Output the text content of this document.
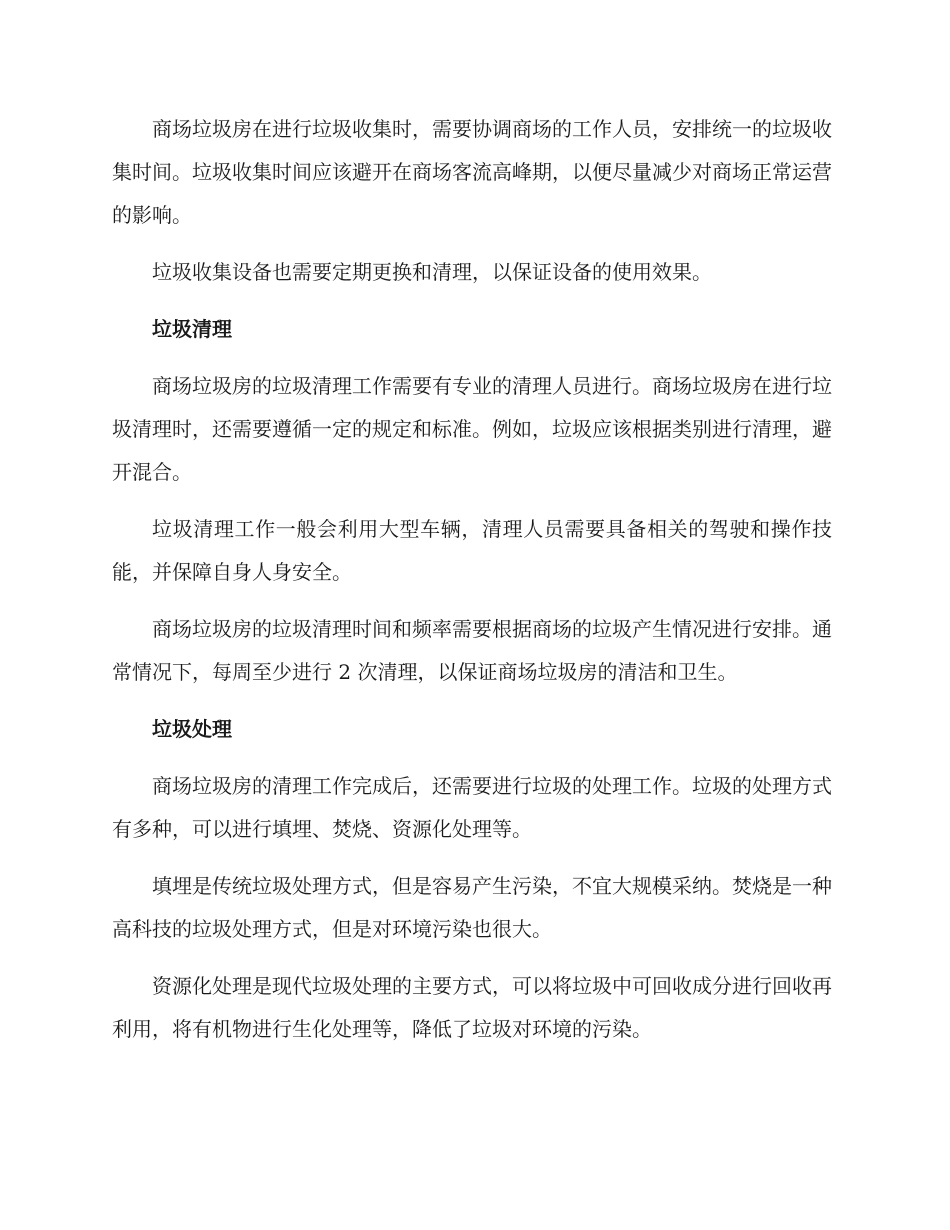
商场垃圾房在进行垃圾收集时，需要协调商场的工作人员，安排统一的垃圾收集时间。垃圾收集时间应该避开在商场客流高峰期，以便尽量减少对商场正常运营的影响。

垃圾收集设备也需要定期更换和清理，以保证设备的使用效果。

垃圾清理

商场垃圾房的垃圾清理工作需要有专业的清理人员进行。商场垃圾房在进行垃圾清理时，还需要遵循一定的规定和标准。例如，垃圾应该根据类别进行清理，避开混合。

垃圾清理工作一般会利用大型车辆，清理人员需要具备相关的驾驶和操作技能，并保障自身人身安全。

商场垃圾房的垃圾清理时间和频率需要根据商场的垃圾产生情况进行安排。通常情况下，每周至少进行 2 次清理，以保证商场垃圾房的清洁和卫生。

垃圾处理

商场垃圾房的清理工作完成后，还需要进行垃圾的处理工作。垃圾的处理方式有多种，可以进行填埋、焚烧、资源化处理等。

填埋是传统垃圾处理方式，但是容易产生污染，不宜大规模采纳。焚烧是一种高科技的垃圾处理方式，但是对环境污染也很大。

资源化处理是现代垃圾处理的主要方式，可以将垃圾中可回收成分进行回收再利用，将有机物进行生化处理等，降低了垃圾对环境的污染。
